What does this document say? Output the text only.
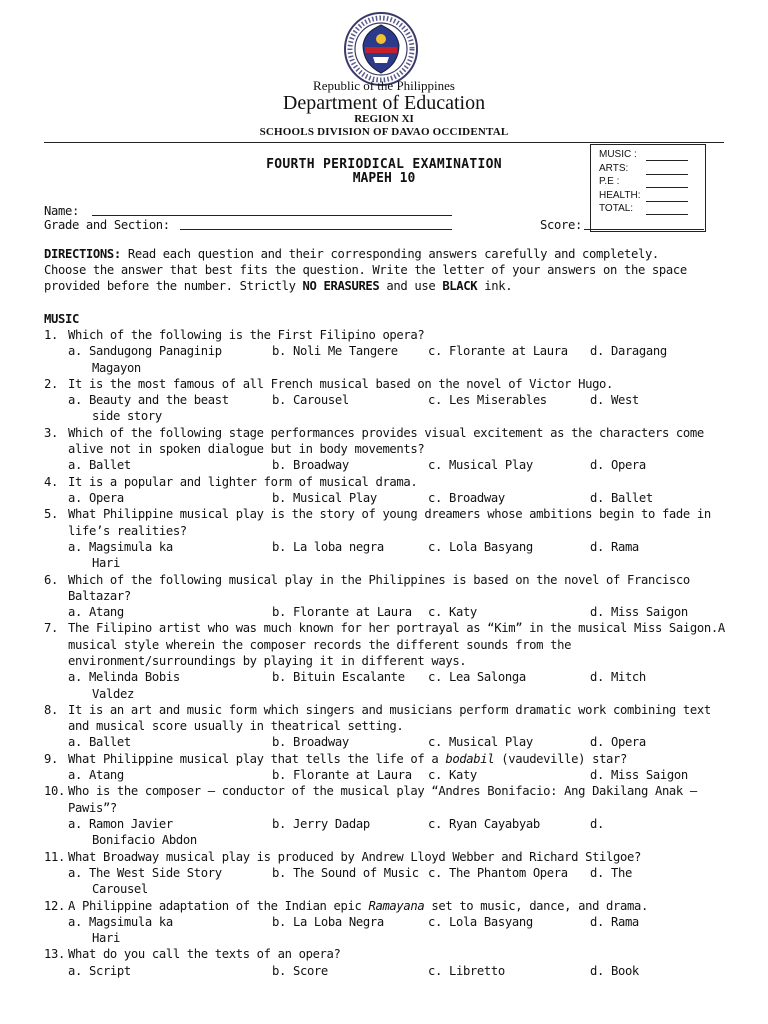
Republic of the Philippines
Department of Education
REGION XI
SCHOOLS DIVISION OF DAVAO OCCIDENTAL
FOURTH PERIODICAL EXAMINATION
MAPEH 10
MUSIC :
ARTS:
P.E :
HEALTH:
TOTAL:
Name:
Grade and Section:	Score:
DIRECTIONS: Read each question and their corresponding answers carefully and completely.
Choose the answer that best fits the question. Write the letter of your answers on the space
provided before the number. Strictly NO ERASURES and use BLACK ink.
MUSIC
1. Which of the following is the First Filipino opera?
a. Sandugong Panaginip	b. Noli Me Tangere c. Florante at Laura d. Daragang
Magayon
2. It is the most famous of all French musical based on the novel of Victor Hugo.
a. Beauty and the beast	b. Carousel	c. Les Miserables	d. West
side story
3. Which of the following stage performances provides visual excitement as the characters come
alive not in spoken dialogue but in body movements?
a. Ballet	b. Broadway	c. Musical Play	d. Opera
4. It is a popular and lighter form of musical drama.
a. Opera	b. Musical Play	c. Broadway	d. Ballet
5. What Philippine musical play is the story of young dreamers whose ambitions begin to fade in
life’s realities?
a. Magsimula ka	b. La loba negra	c. Lola Basyang	d. Rama
Hari
6. Which of the following musical play in the Philippines is based on the novel of Francisco
Baltazar?
a. Atang	b. Florante at Laura c. Katy	d. Miss Saigon
7. The Filipino artist who was much known for her portrayal as “Kim” in the musical Miss Saigon.A
musical style wherein the composer records the different sounds from the
environment/surroundings by playing it in different ways.
a. Melinda Bobis	b. Bituin Escalante c. Lea Salonga	d. Mitch
Valdez
8. It is an art and music form which singers and musicians perform dramatic work combining text
and musical score usually in theatrical setting.
a. Ballet	b. Broadway	c. Musical Play	d. Opera
9. What Philippine musical play that tells the life of a bodabil (vaudeville) star?
a. Atang	b. Florante at Laura c. Katy	d. Miss Saigon
10. Who is the composer – conductor of the musical play “Andres Bonifacio: Ang Dakilang Anak –
Pawis”?
a. Ramon Javier	b. Jerry Dadap	c. Ryan Cayabyab	d.
Bonifacio Abdon
11. What Broadway musical play is produced by Andrew Lloyd Webber and Richard Stilgoe?
a. The West Side Story	b. The Sound of Music c. The Phantom Opera d. The
Carousel
12. A Philippine adaptation of the Indian epic Ramayana set to music, dance, and drama.
a. Magsimula ka	b. La Loba Negra	c. Lola Basyang	d. Rama
Hari
13. What do you call the texts of an opera?
a. Script	b. Score	c. Libretto	d. Book
